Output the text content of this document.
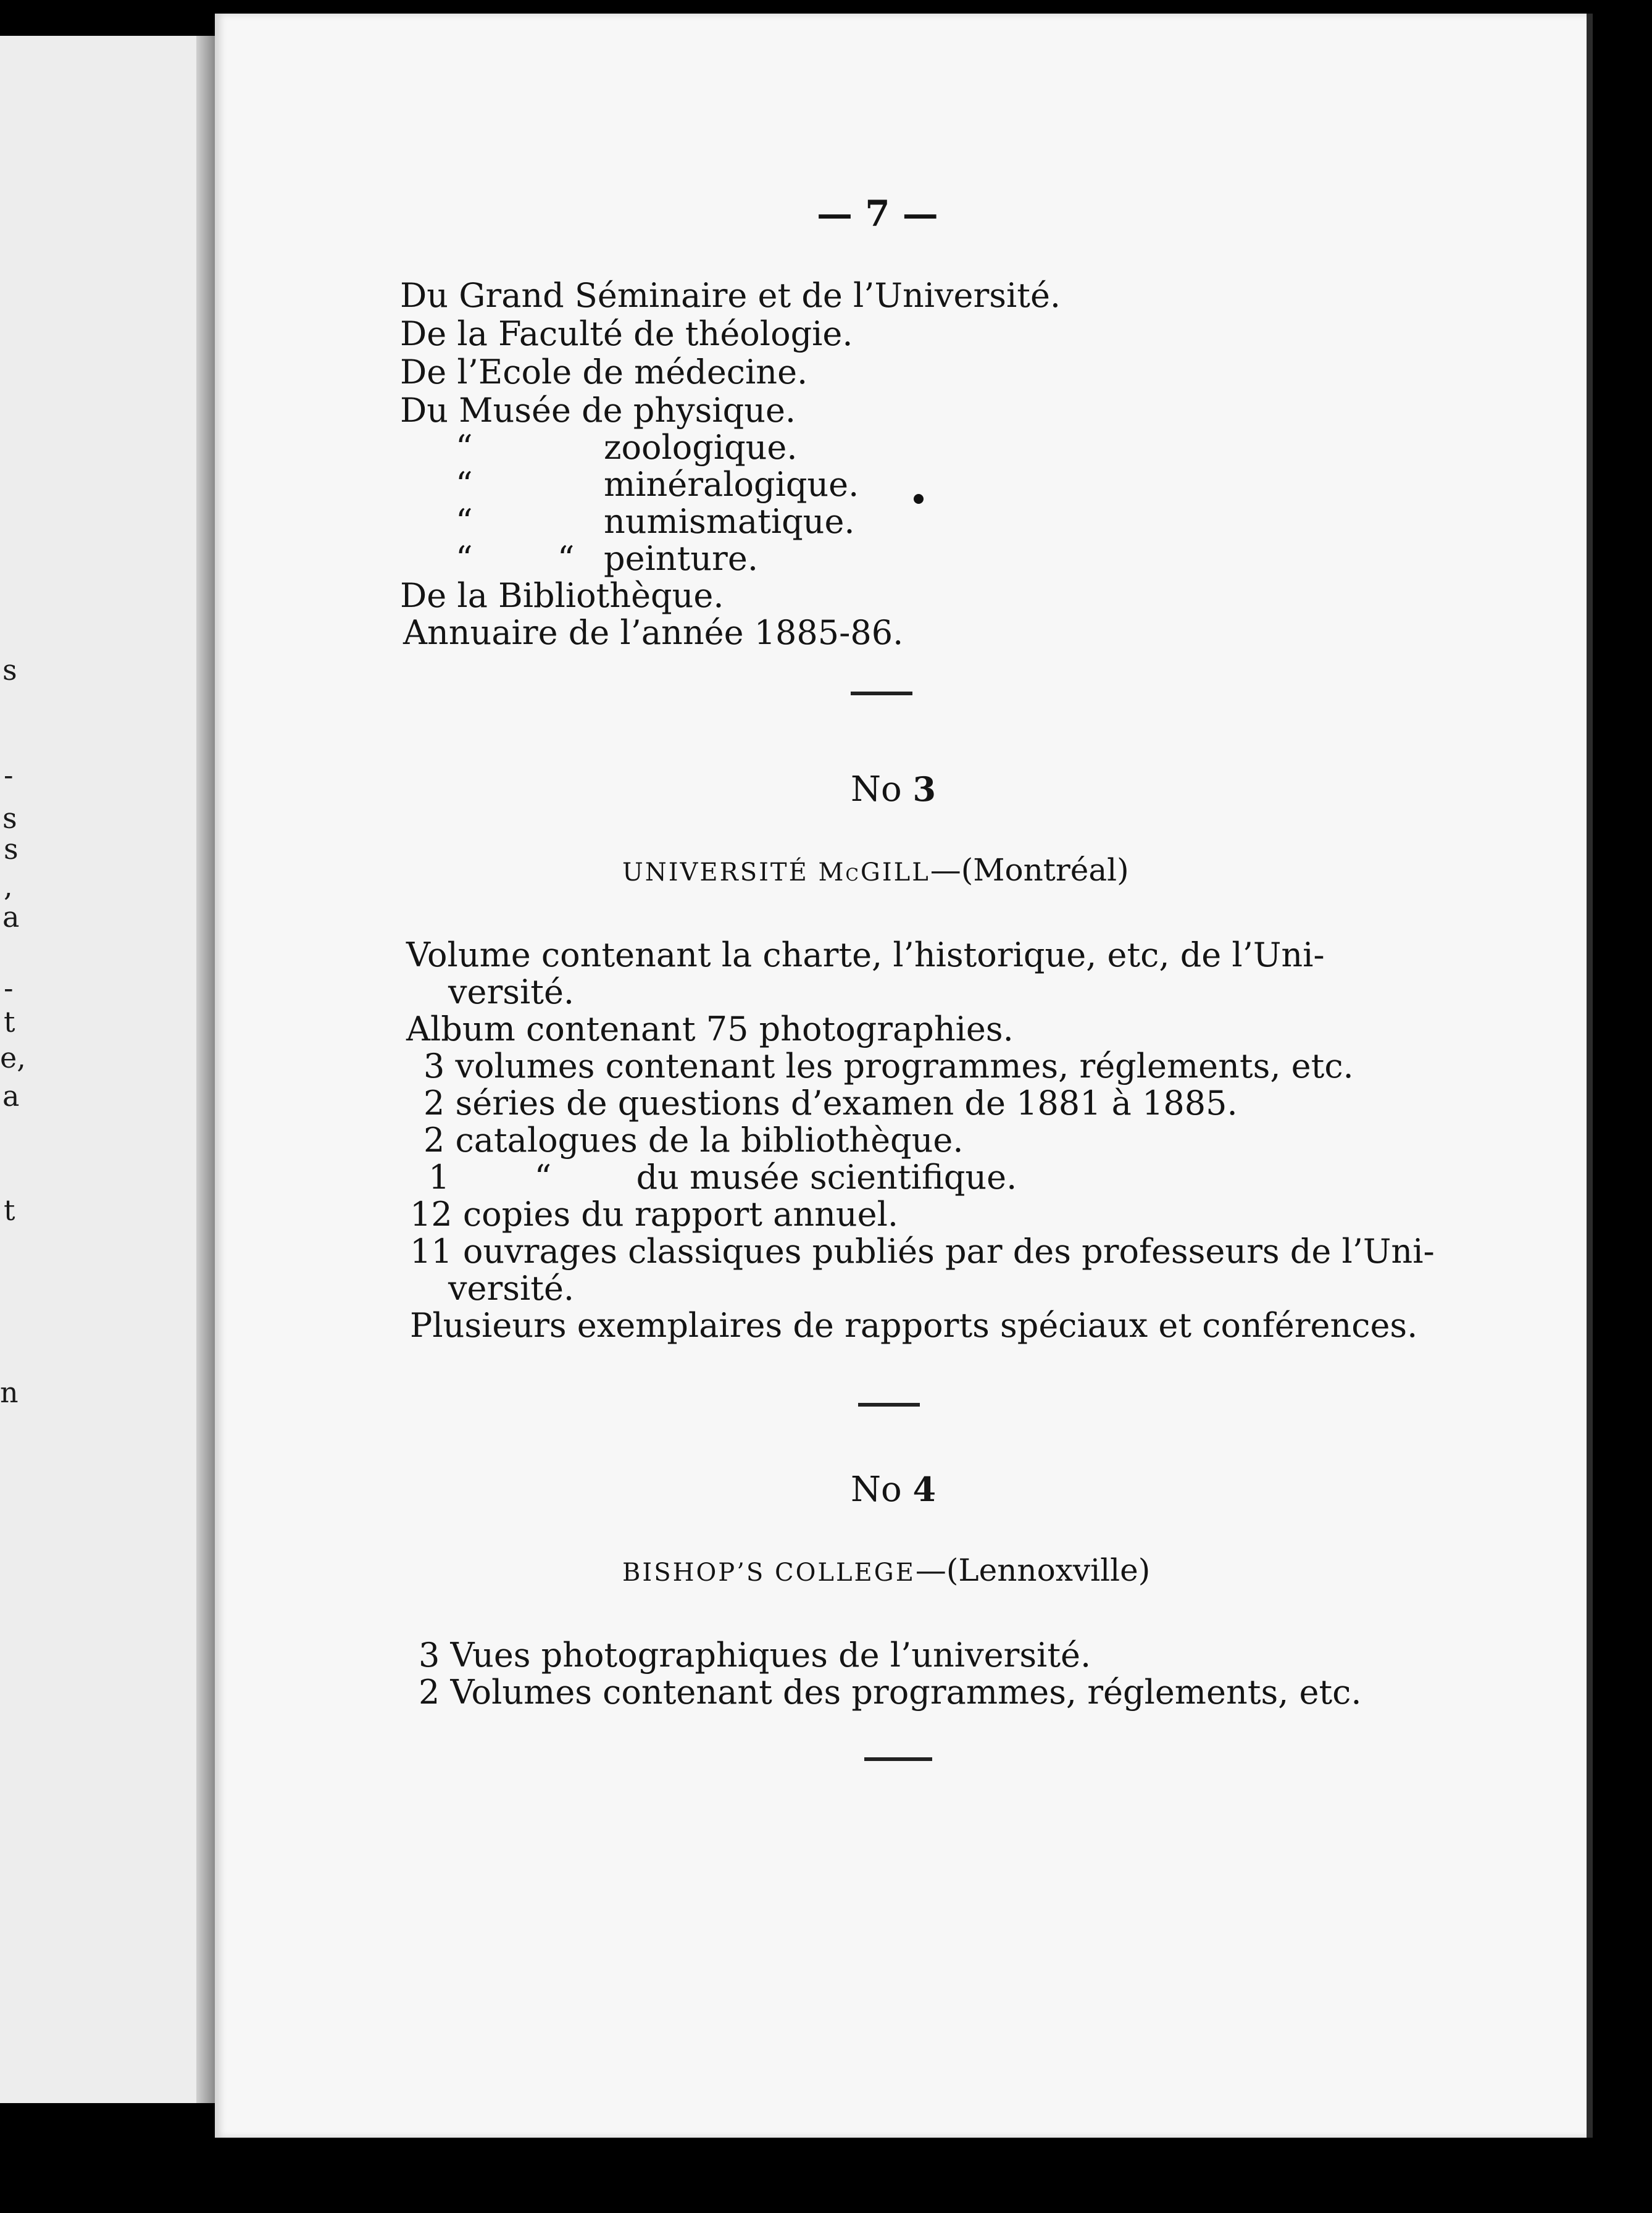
s
s
-
s
,
a
-
t
e,
a
t
n
— 7 —
Du Grand Séminaire et de l’Université.
De la Faculté de théologie.
De l’Ecole de médecine.
Du Musée de physique.
“	zoologique.
“	minéralogique.
“	numismatique.
“        “ peinture.
De la Bibliothèque.
Annuaire de l’année 1885-86.
No 3
UNIVERSITÉ McGILL—(Montréal)
Volume contenant la charte, l’historique, etc, de l’Uni-
versité.
Album contenant 75 photographies.
3 volumes contenant les programmes, réglements, etc.
2 séries de questions d’examen de 1881 à 1885.
2 catalogues de la bibliothèque.
1        “        du musée scientifique.
12 copies du rapport annuel.
11 ouvrages classiques publiés par des professeurs de l’Uni-
versité.
Plusieurs exemplaires de rapports spéciaux et conférences.
No 4
BISHOP’S COLLEGE—(Lennoxville)
3 Vues photographiques de l’université.
2 Volumes contenant des programmes, réglements, etc.
